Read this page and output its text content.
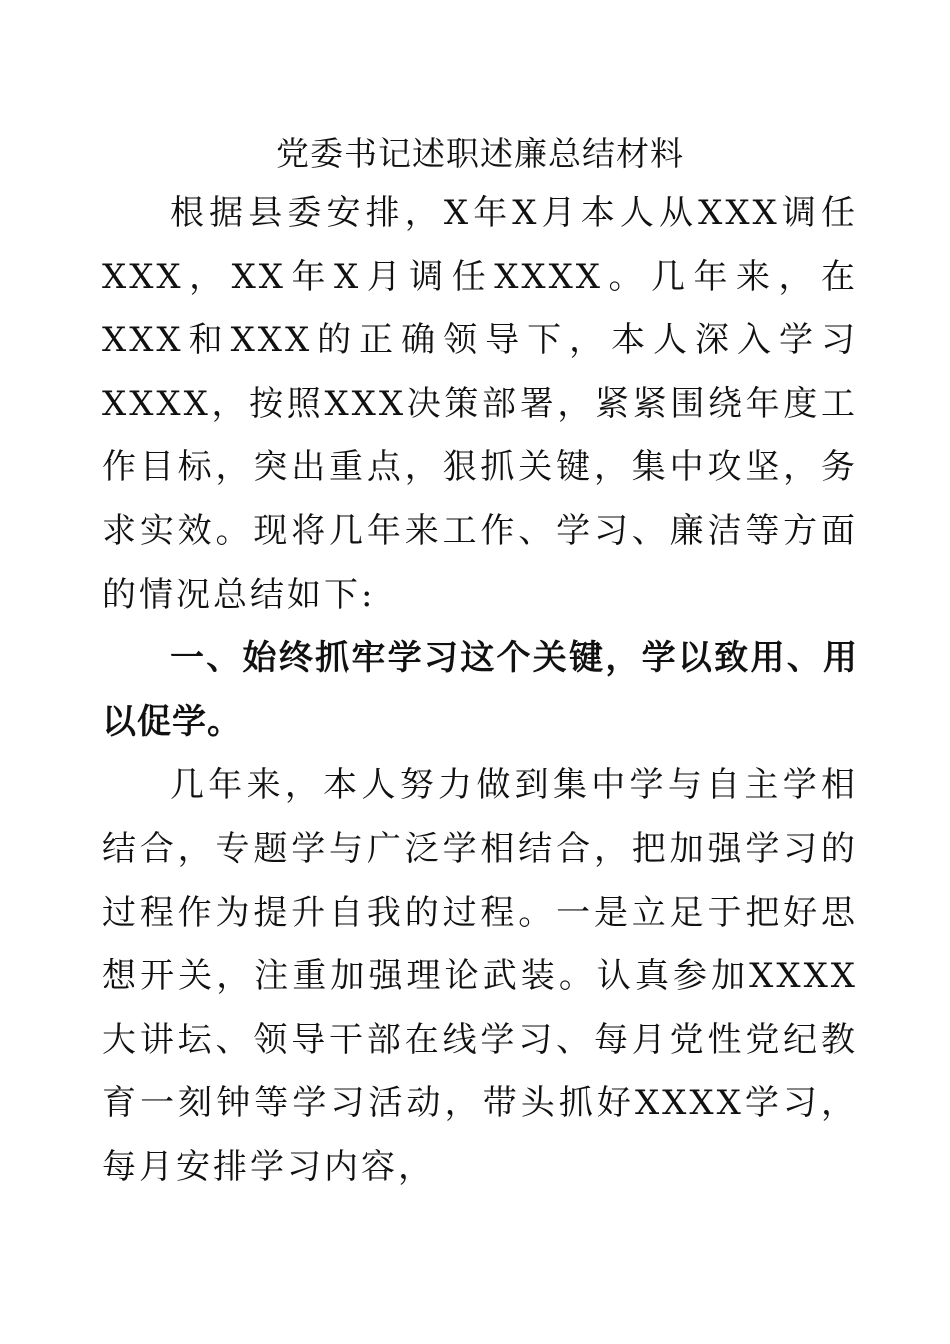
党委书记述职述廉总结材料

根据县委安排，X年X月本人从XXX调任XXX，XX年X月调任XXXX。几年来，在XXX和XXX的正确领导下，本人深入学习XXXX，按照XXX决策部署，紧紧围绕年度工作目标，突出重点，狠抓关键，集中攻坚，务求实效。现将几年来工作、学习、廉洁等方面的情况总结如下:

一、始终抓牢学习这个关键，学以致用、用以促学。

几年来，本人努力做到集中学与自主学相结合，专题学与广泛学相结合，把加强学习的过程作为提升自我的过程。一是立足于把好思想开关，注重加强理论武装。认真参加XXXX大讲坛、领导干部在线学习、每月党性党纪教育一刻钟等学习活动，带头抓好XXXX学习，每月安排学习内容，
